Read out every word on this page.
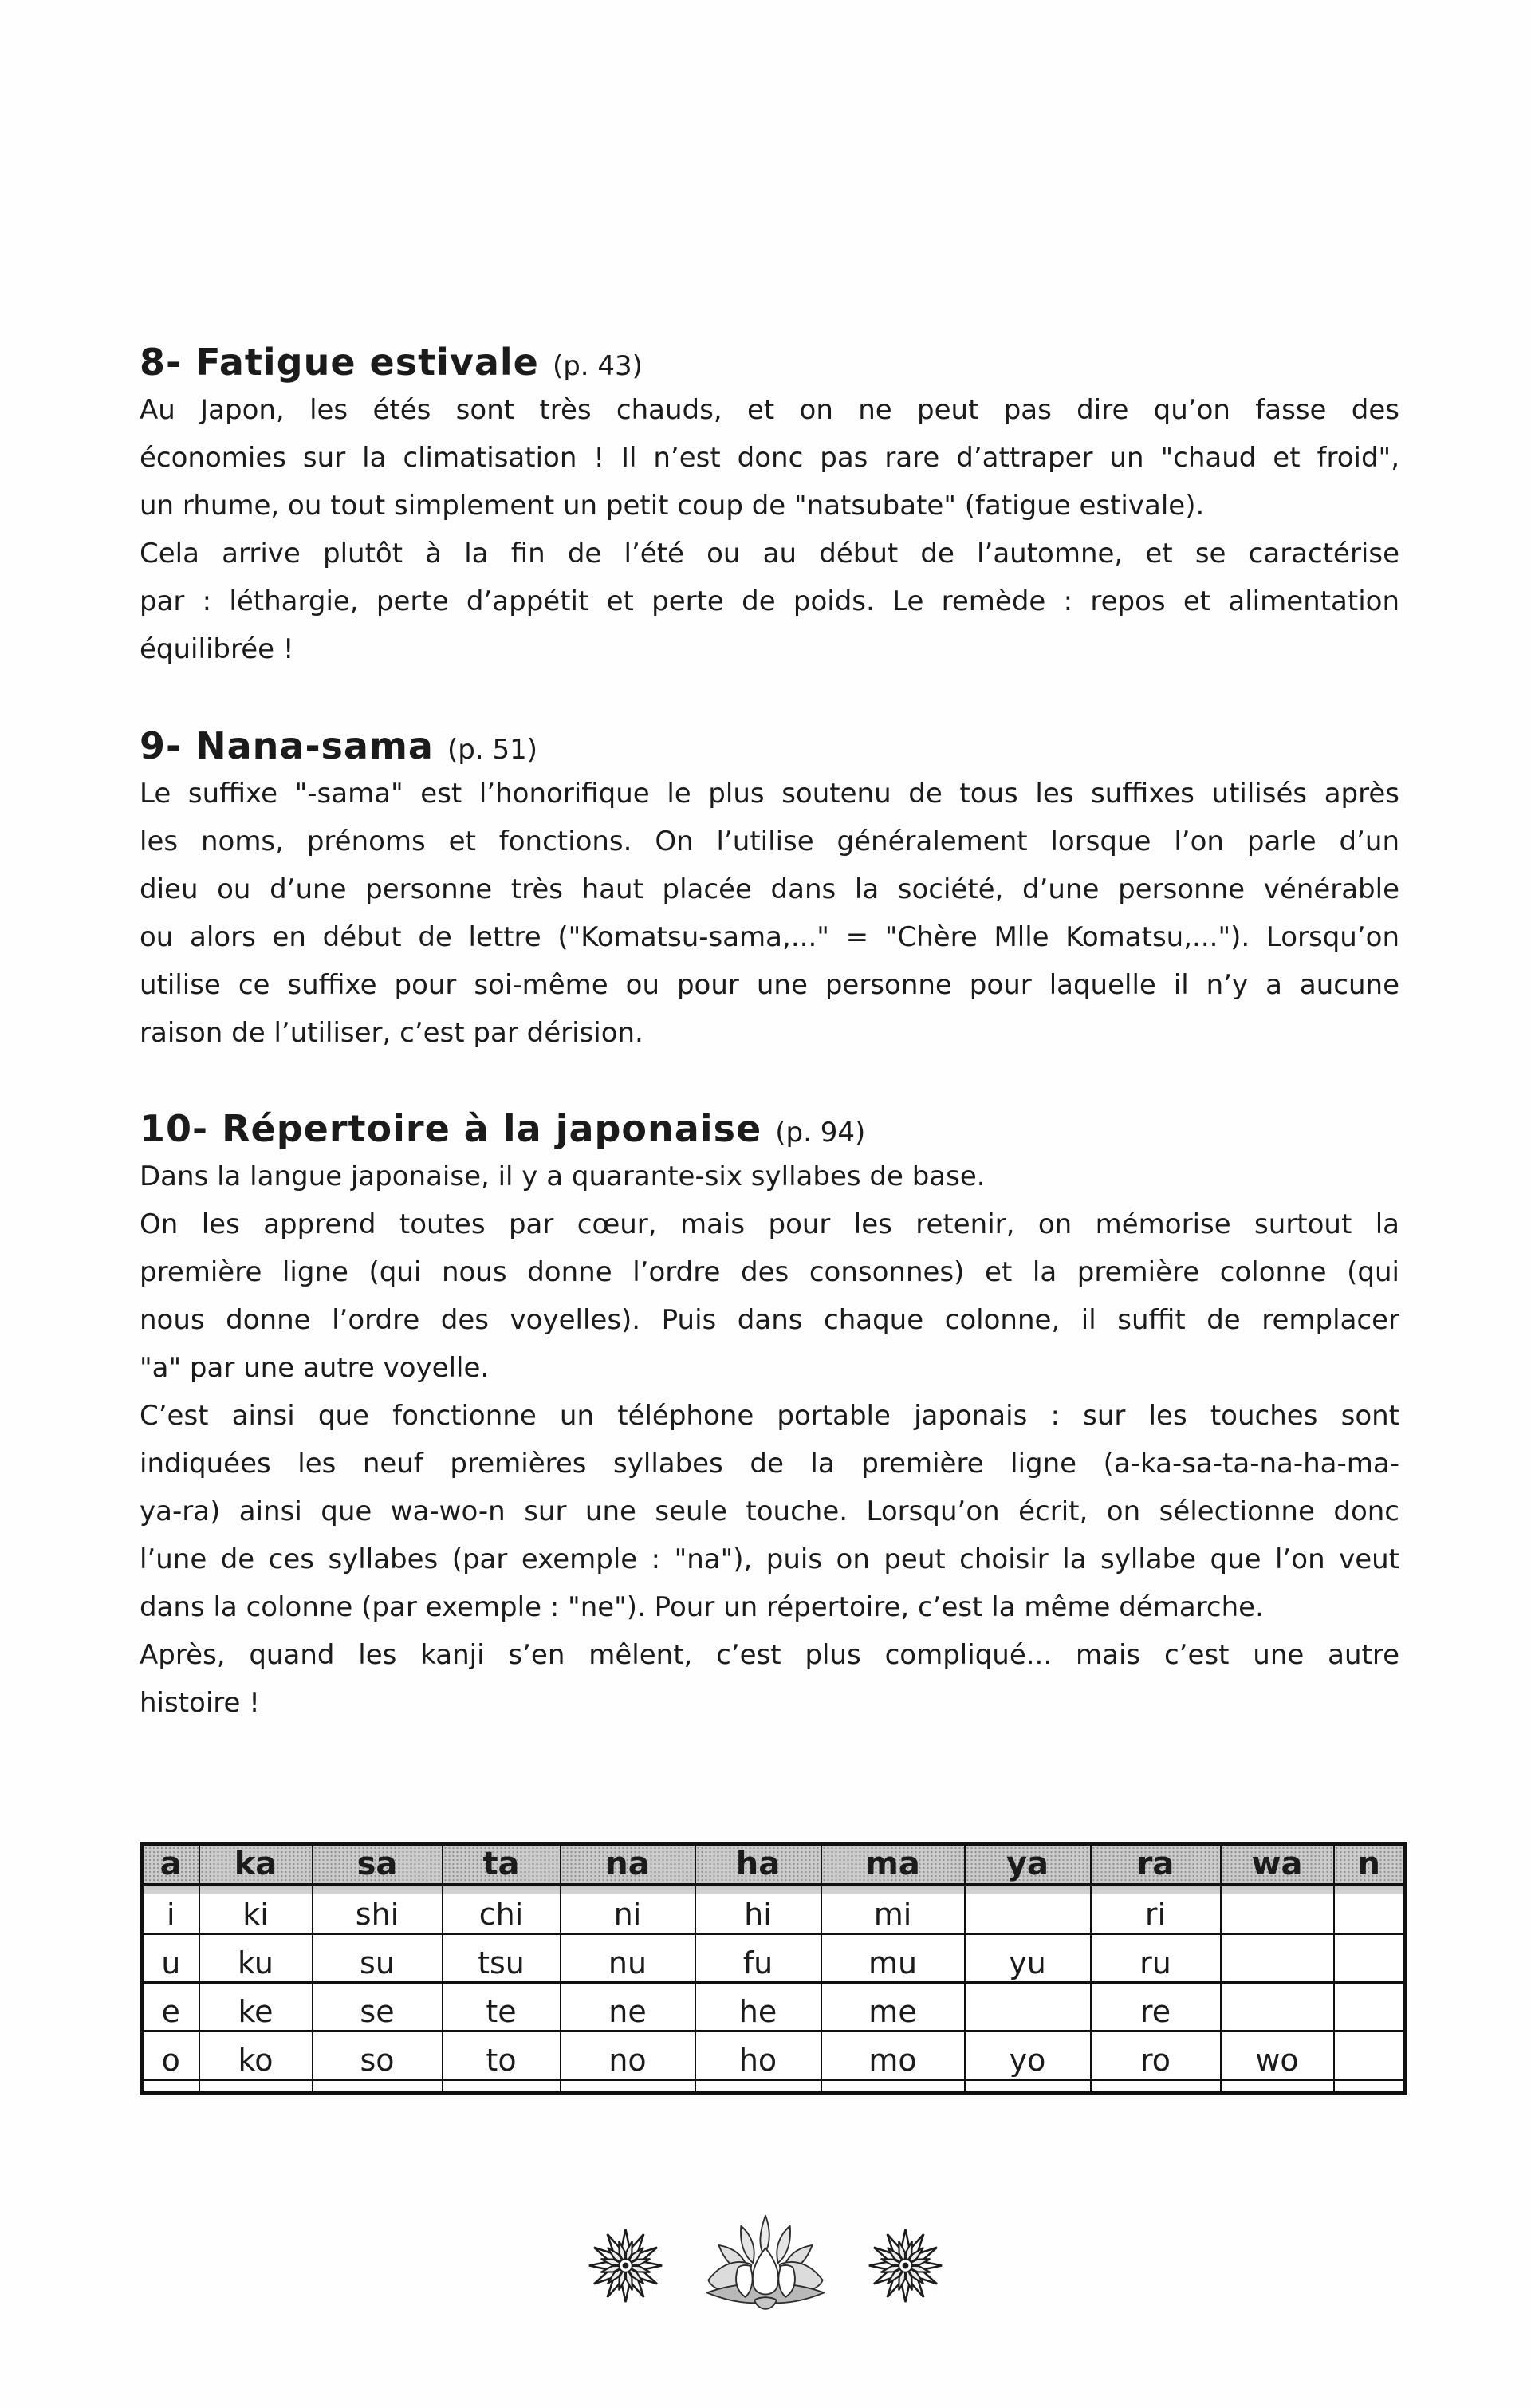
8- Fatigue estivale (p. 43)
Au Japon, les étés sont très chauds, et on ne peut pas dire qu’on fasse des
économies sur la climatisation ! Il n’est donc pas rare d’attraper un "chaud et froid",
un rhume, ou tout simplement un petit coup de "natsubate" (fatigue estivale).
Cela arrive plutôt à la fin de l’été ou au début de l’automne, et se caractérise
par : léthargie, perte d’appétit et perte de poids. Le remède : repos et alimentation
équilibrée !
9- Nana-sama (p. 51)
Le suffixe "-sama" est l’honorifique le plus soutenu de tous les suffixes utilisés après
les noms, prénoms et fonctions. On l’utilise généralement lorsque l’on parle d’un
dieu ou d’une personne très haut placée dans la société, d’une personne vénérable
ou alors en début de lettre ("Komatsu-sama,..." = "Chère Mlle Komatsu,..."). Lorsqu’on
utilise ce suffixe pour soi-même ou pour une personne pour laquelle il n’y a aucune
raison de l’utiliser, c’est par dérision.
10- Répertoire à la japonaise (p. 94)
Dans la langue japonaise, il y a quarante-six syllabes de base.
On les apprend toutes par cœur, mais pour les retenir, on mémorise surtout la
première ligne (qui nous donne l’ordre des consonnes) et la première colonne (qui
nous donne l’ordre des voyelles). Puis dans chaque colonne, il suffit de remplacer
"a" par une autre voyelle.
C’est ainsi que fonctionne un téléphone portable japonais : sur les touches sont
indiquées les neuf premières syllabes de la première ligne (a-ka-sa-ta-na-ha-ma-
ya-ra) ainsi que wa-wo-n sur une seule touche. Lorsqu’on écrit, on sélectionne donc
l’une de ces syllabes (par exemple : "na"), puis on peut choisir la syllabe que l’on veut
dans la colonne (par exemple : "ne"). Pour un répertoire, c’est la même démarche.
Après, quand les kanji s’en mêlent, c’est plus compliqué... mais c’est une autre
histoire !
a	ka	sa	ta	na	ha	ma	ya	ra	wa	n
i	ki	shi	chi	ni	hi	mi		ri		
u	ku	su	tsu	nu	fu	mu	yu	ru		
e	ke	se	te	ne	he	me		re		
o	ko	so	to	no	ho	mo	yo	ro	wo	
